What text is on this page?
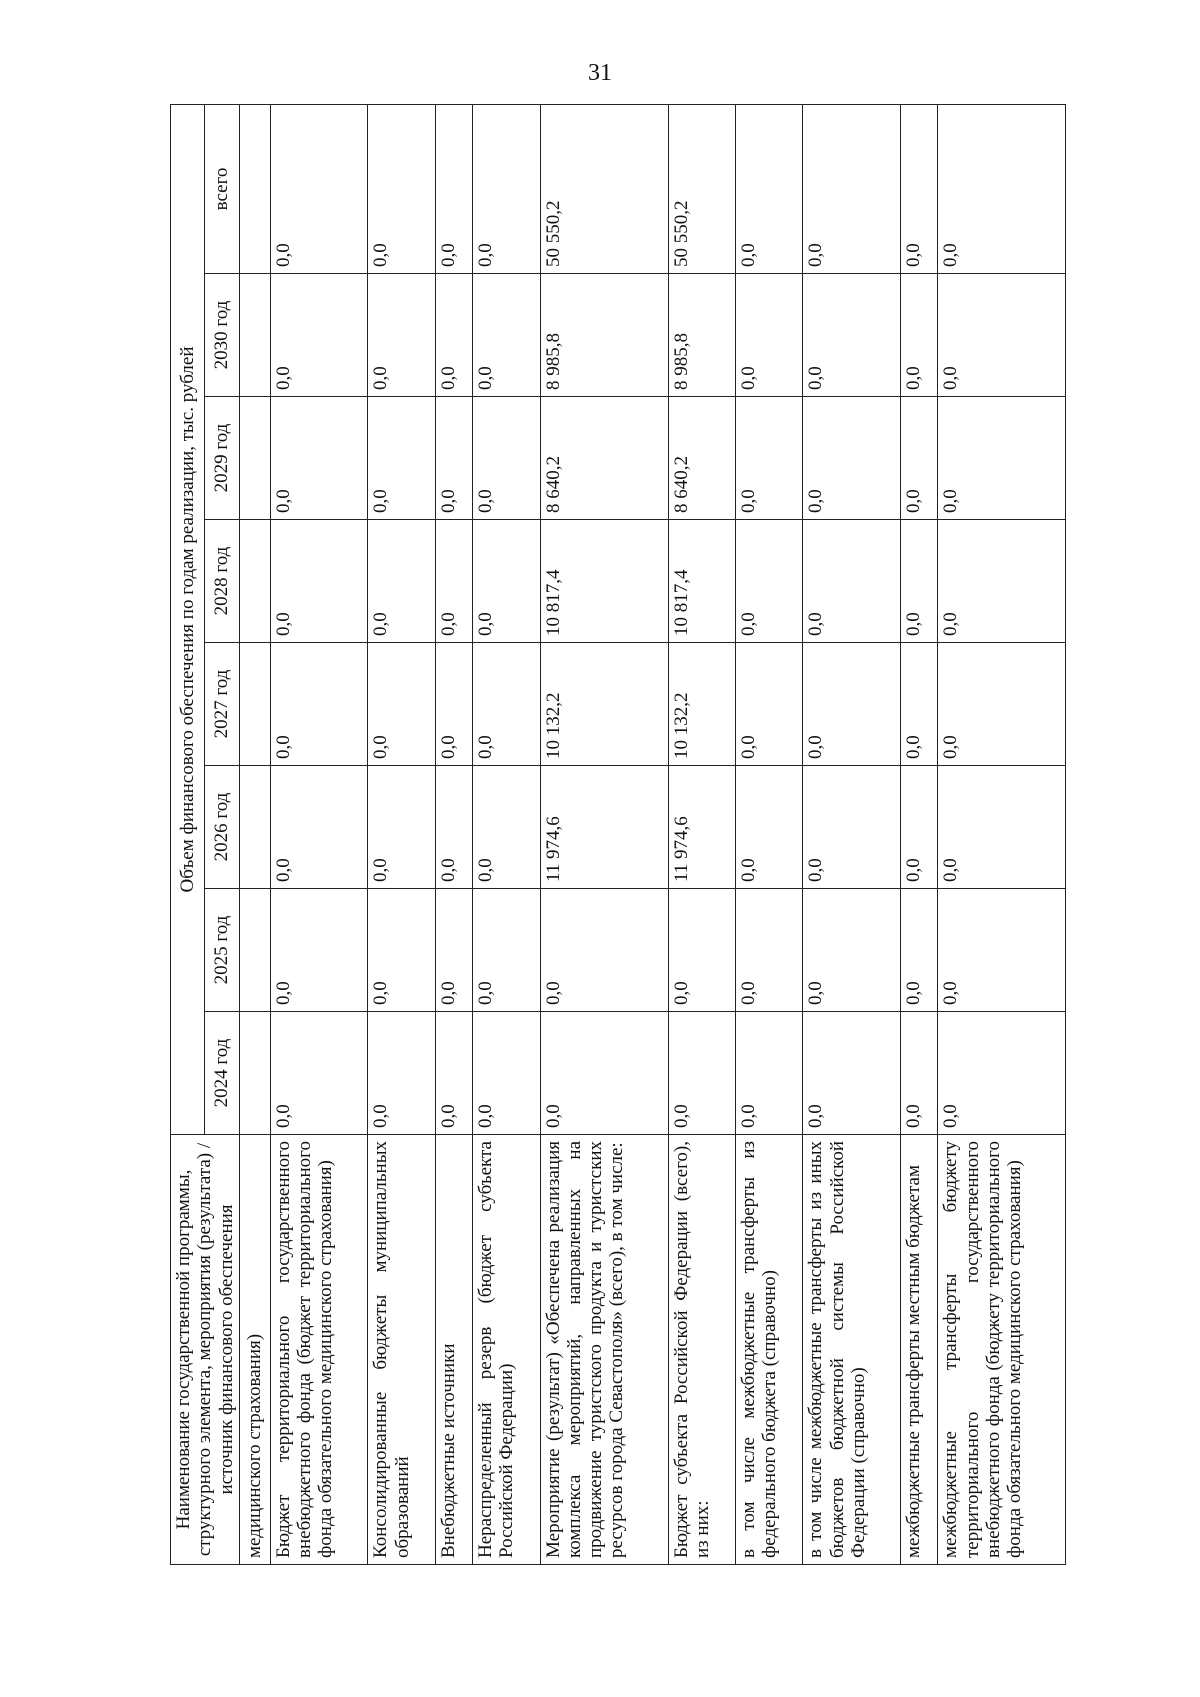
31
Наименование государственной программы, структурного элемента, мероприятия (результата) / источник финансового обеспечения	Объем финансового обеспечения по годам реализации, тыс. рублей							
	2024 год	2025 год	2026 год	2027 год	2028 год	2029 год	2030 год	всего
медицинского страхования)								
Бюджет территориального государственного внебюджетного фонда (бюджет территориального фонда обязательного медицинского страхования)	0,0	0,0	0,0	0,0	0,0	0,0	0,0	0,0
Консолидированные бюджеты муниципальных образований	0,0	0,0	0,0	0,0	0,0	0,0	0,0	0,0
Внебюджетные источники	0,0	0,0	0,0	0,0	0,0	0,0	0,0	0,0
Нераспределенный резерв (бюджет субъекта Российской Федерации)	0,0	0,0	0,0	0,0	0,0	0,0	0,0	0,0
Мероприятие (результат) «Обеспечена реализация комплекса мероприятий, направленных на продвижение туристского продукта и туристских ресурсов города Севастополя» (всего), в том числе:	0,0	0,0	11 974,6	10 132,2	10 817,4	8 640,2	8 985,8	50 550,2
Бюджет субъекта Российской Федерации (всего), из них:	0,0	0,0	11 974,6	10 132,2	10 817,4	8 640,2	8 985,8	50 550,2
в том числе межбюджетные трансферты из федерального бюджета (справочно)	0,0	0,0	0,0	0,0	0,0	0,0	0,0	0,0
в том числе межбюджетные трансферты из иных бюджетов бюджетной системы Российской Федерации (справочно)	0,0	0,0	0,0	0,0	0,0	0,0	0,0	0,0
межбюджетные трансферты местным бюджетам	0,0	0,0	0,0	0,0	0,0	0,0	0,0	0,0
межбюджетные трансферты бюджету территориального государственного внебюджетного фонда (бюджету территориального фонда обязательного медицинского страхования)	0,0	0,0	0,0	0,0	0,0	0,0	0,0	0,0
